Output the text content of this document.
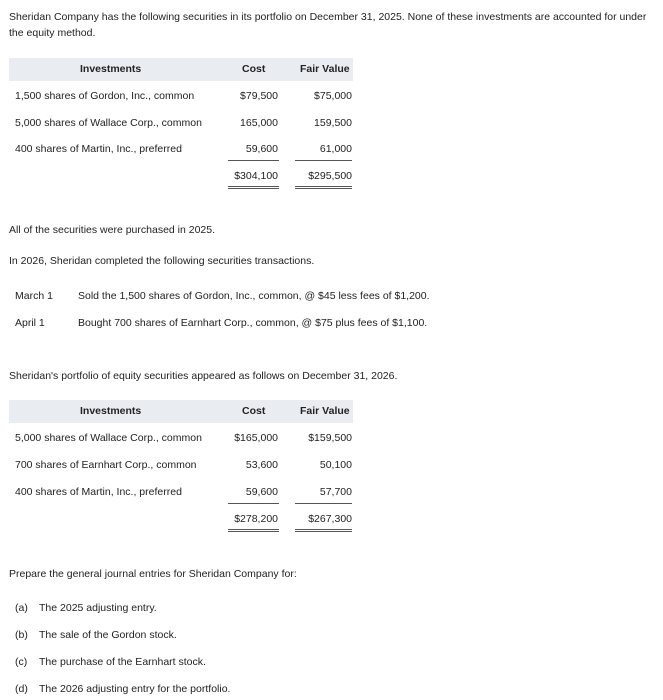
Sheridan Company has the following securities in its portfolio on December 31, 2025. None of these investments are accounted for under the equity method.
Investments	Cost	Fair Value
1,500 shares of Gordon, Inc., common	$79,500	$75,000
5,000 shares of Wallace Corp., common	165,000	159,500
400 shares of Martin, Inc., preferred	59,600	61,000
$304,100	$295,500
All of the securities were purchased in 2025.
In 2026, Sheridan completed the following securities transactions.
March 1 Sold the 1,500 shares of Gordon, Inc., common, @ $45 less fees of $1,200.
April 1	Bought 700 shares of Earnhart Corp., common, @ $75 plus fees of $1,100.
Sheridan's portfolio of equity securities appeared as follows on December 31, 2026.
Investments	Cost	Fair Value
5,000 shares of Wallace Corp., common	$165,000	$159,500
700 shares of Earnhart Corp., common	53,600	50,100
400 shares of Martin, Inc., preferred	59,600	57,700
$278,200	$267,300
Prepare the general journal entries for Sheridan Company for:
(a) The 2025 adjusting entry.
(b) The sale of the Gordon stock.
(c) The purchase of the Earnhart stock.
(d) The 2026 adjusting entry for the portfolio.
